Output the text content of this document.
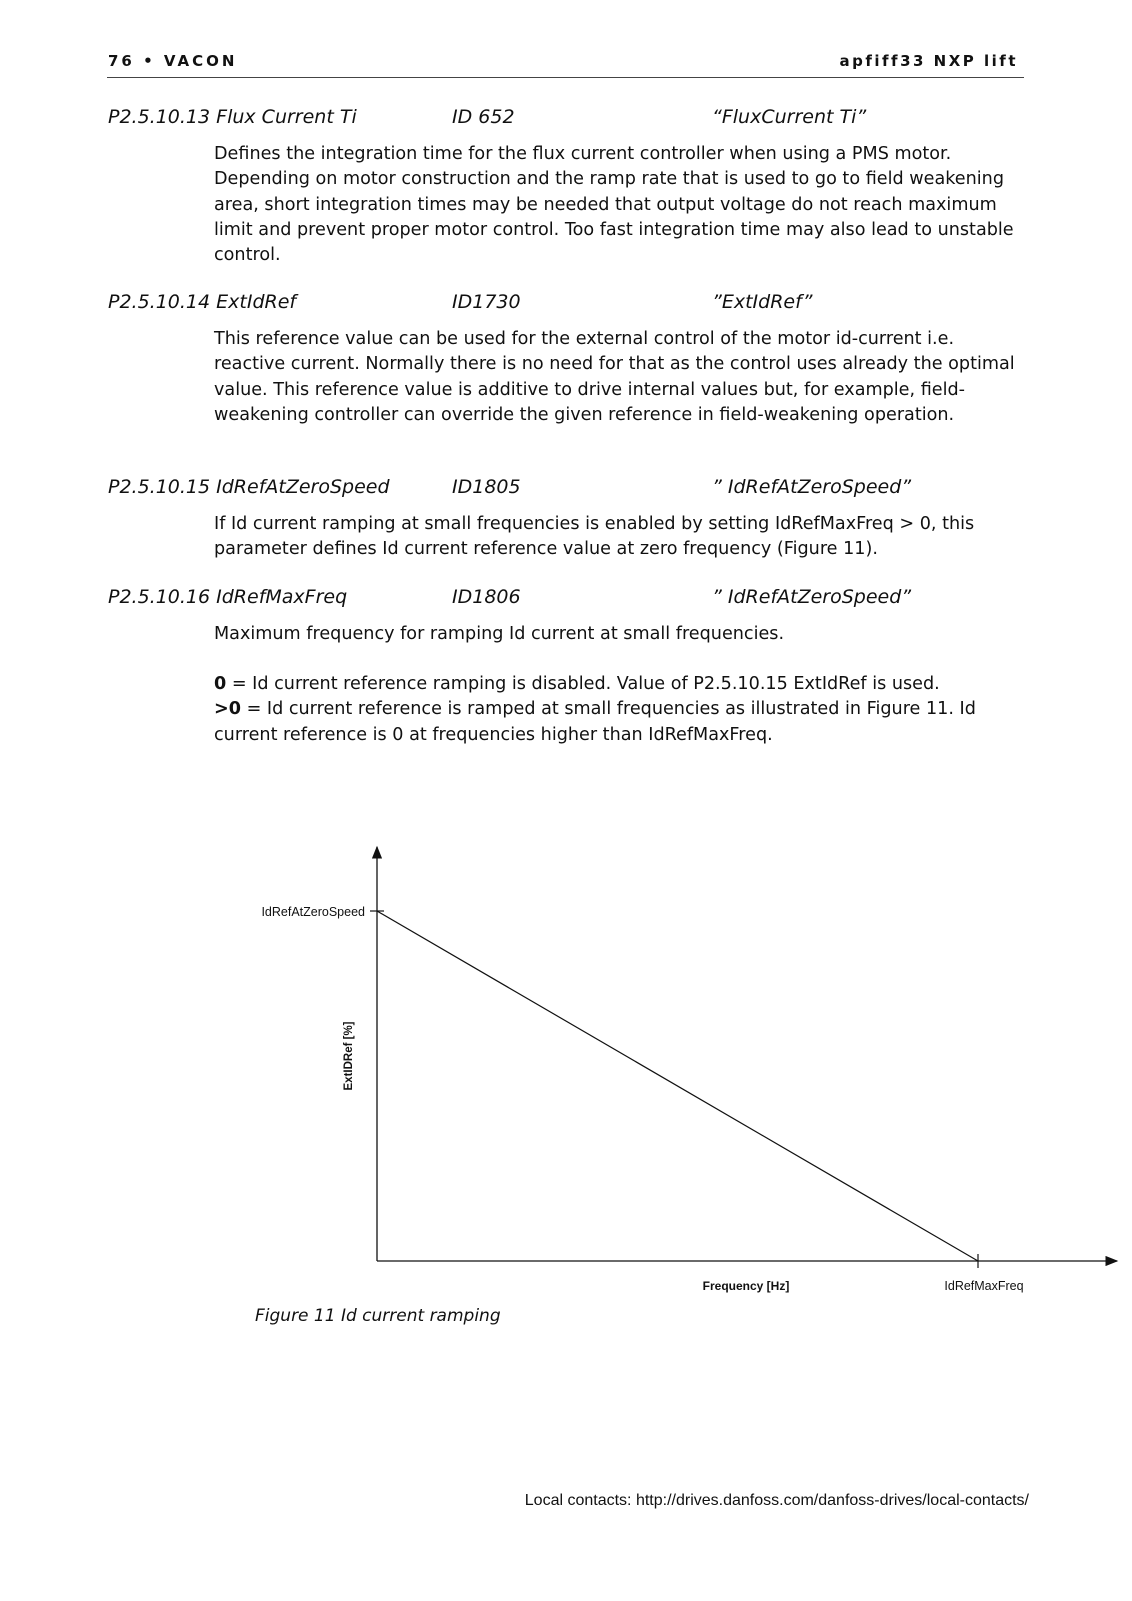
76 • VACON	apfiff33 NXP lift
P2.5.10.13 Flux Current Ti	ID 652	“FluxCurrent Ti”

Defines the integration time for the flux current controller when using a PMS motor. Depending on motor construction and the ramp rate that is used to go to field weakening area, short integration times may be needed that output voltage do not reach maximum limit and prevent proper motor control. Too fast integration time may also lead to unstable control.

P2.5.10.14 ExtIdRef	ID1730	”ExtIdRef”

This reference value can be used for the external control of the motor id-current i.e. reactive current. Normally there is no need for that as the control uses already the optimal value. This reference value is additive to drive internal values but, for example, field-weakening controller can override the given reference in field-weakening operation.

P2.5.10.15 IdRefAtZeroSpeed	ID1805	” IdRefAtZeroSpeed”

If Id current ramping at small frequencies is enabled by setting IdRefMaxFreq > 0, this parameter defines Id current reference value at zero frequency (Figure 11).

P2.5.10.16 IdRefMaxFreq	ID1806	” IdRefAtZeroSpeed”

Maximum frequency for ramping Id current at small frequencies.

0 = Id current reference ramping is disabled. Value of P2.5.10.15 ExtIdRef is used.

>0 = Id current reference is ramped at small frequencies as illustrated in Figure 11. Id current reference is 0 at frequencies higher than IdRefMaxFreq.

IdRefAtZeroSpeed
IdRefMaxFreq
Frequency [Hz]
ExtIDRef [%]
Figure 11 Id current ramping
Local contacts: http://drives.danfoss.com/danfoss-drives/local-contacts/
